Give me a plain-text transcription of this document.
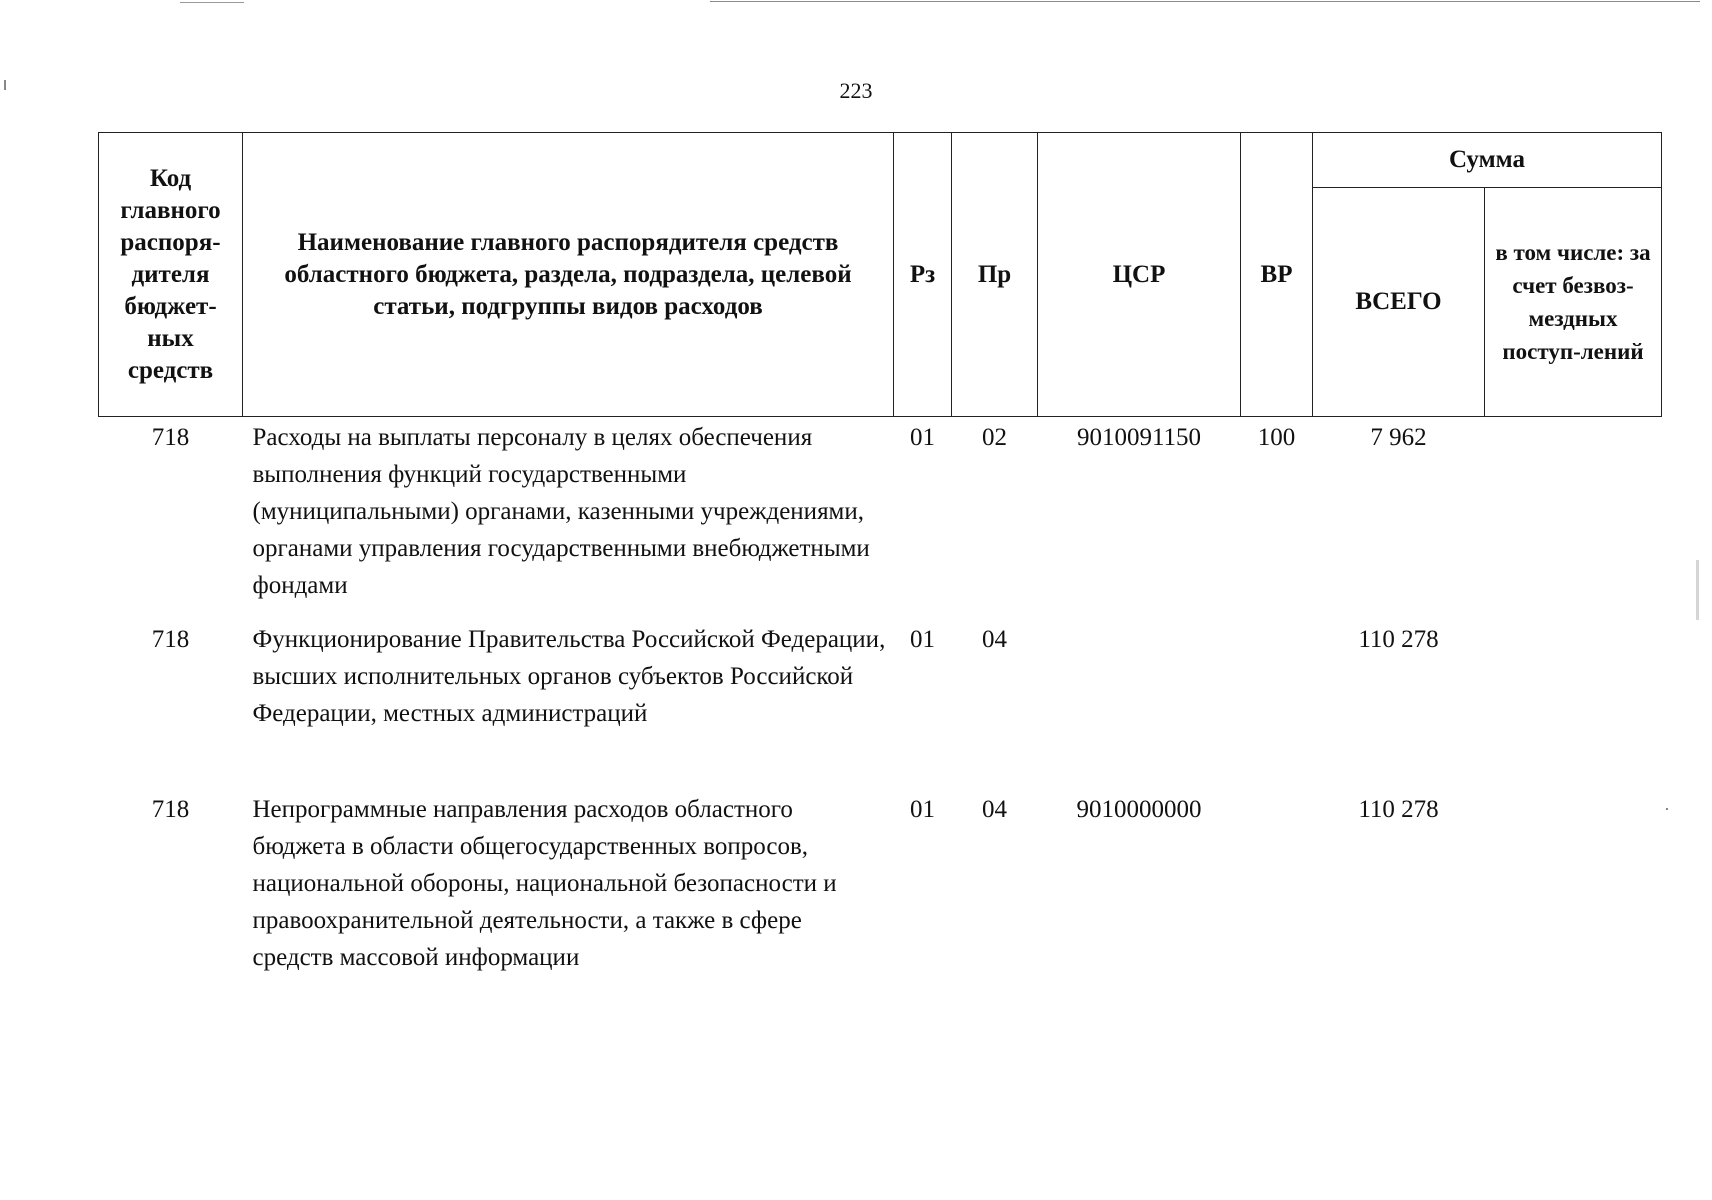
223
Код главного распоря-дителя бюджет-ных средств	Наименование главного распорядителя средств областного бюджета, раздела, подраздела, целевой статьи, подгруппы видов расходов	Рз	Пр	ЦСР	ВР	Сумма	
						ВСЕГО	в том числе: за счет безвоз-мездных поступ-лений
718	Расходы на выплаты персоналу в целях обеспечения выполнения функций государственными (муниципальными) органами, казенными учреждениями, органами управления государственными внебюджетными фондами	01	02	9010091150	100	7 962	
718	Функционирование Правительства Российской Федерации, высших исполнительных органов субъектов Российской Федерации, местных администраций	01	04			110 278	
718	Непрограммные направления расходов областного бюджета в области общегосударственных вопросов, национальной обороны, национальной безопасности и правоохранительной деятельности, а также в сфере средств массовой информации	01	04	9010000000		110 278	
